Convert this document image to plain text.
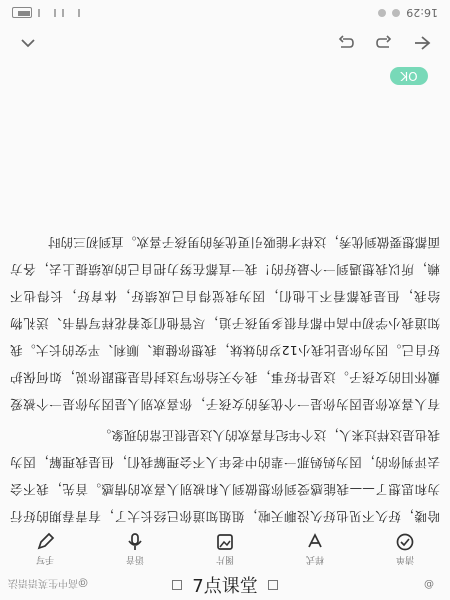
16:29

哈喽，好久不见也好久没聊天啦，姐姐知道你已经长大了，有青春期的好行为和思想了——我能感受到你想做到人和被别人喜欢的情感。首先，我不会去评判你的，因为妈妈那一辈的中老年人不会理解我们，但是我理解，因为我也是这样过来人，这个年纪有喜欢的人这是很正常的现象。

有人喜欢你是因为你是一个优秀的女孩子，你喜欢别人是因为你是一个被爱戴怀旧的女孩子。这是件好事，我今天给你写这封信是想跟你说，如何保护好自己。因为你是比我小12岁的妹妹，我想你健康、顺利、平安的长大。我知道我小学初中高中都有很多男孩子追，尽管他们变着花样写情书、送礼物给我，但是我都看不上他们，因为我觉得自己成绩好，体育好，长得也不赖，所以我想遇到一个最好的！我一直都在努力把自己的成绩提上去，各方面都想要做到优秀，这样才能吸引更优秀的男孩子喜欢。直到初三的时

OK
手写	语音	图片	样式	清单
7点课堂
@高中生英语语法	@
